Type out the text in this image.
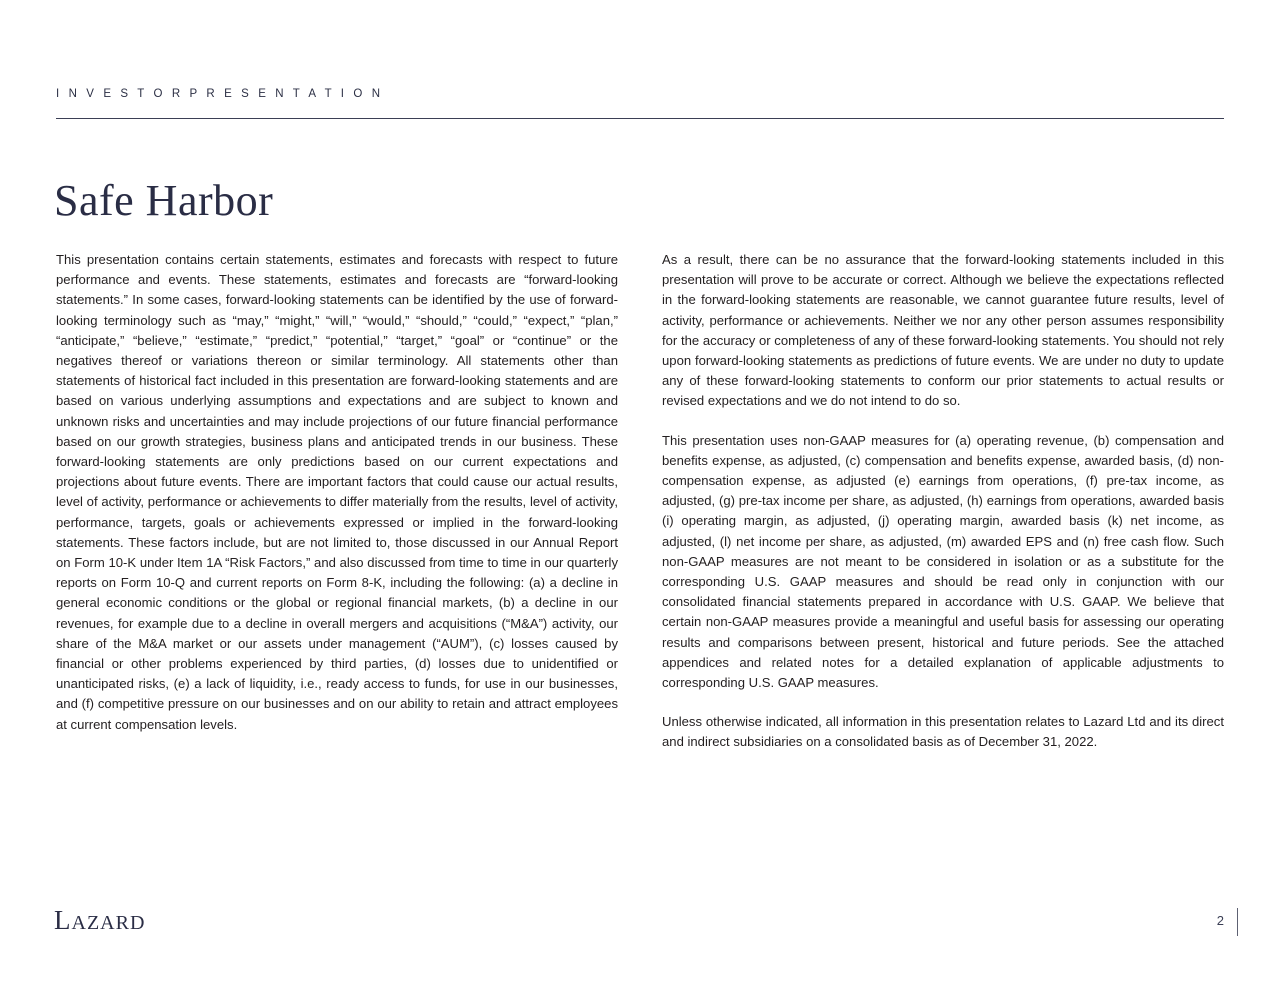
I N V E S T O R P R E S E N T A T I O N
Safe Harbor

This presentation contains certain statements, estimates and forecasts with respect to future performance and events. These statements, estimates and forecasts are “forward-looking statements.” In some cases, forward-looking statements can be identified by the use of forward-looking terminology such as “may,” “might,” “will,” “would,” “should,” “could,” “expect,” “plan,” “anticipate,” “believe,” “estimate,” “predict,” “potential,” “target,” “goal” or “continue” or the negatives thereof or variations thereon or similar terminology. All statements other than statements of historical fact included in this presentation are forward-looking statements and are based on various underlying assumptions and expectations and are subject to known and unknown risks and uncertainties and may include projections of our future financial performance based on our growth strategies, business plans and anticipated trends in our business. These forward-looking statements are only predictions based on our current expectations and projections about future events. There are important factors that could cause our actual results, level of activity, performance or achievements to differ materially from the results, level of activity, performance, targets, goals or achievements expressed or implied in the forward-looking statements. These factors include, but are not limited to, those discussed in our Annual Report on Form 10-K under Item 1A “Risk Factors,” and also discussed from time to time in our quarterly reports on Form 10-Q and current reports on Form 8-K, including the following: (a) a decline in general economic conditions or the global or regional financial markets, (b) a decline in our revenues, for example due to a decline in overall mergers and acquisitions (“M&A”) activity, our share of the M&A market or our assets under management (“AUM”), (c) losses caused by financial or other problems experienced by third parties, (d) losses due to unidentified or unanticipated risks, (e) a lack of liquidity, i.e., ready access to funds, for use in our businesses, and (f) competitive pressure on our businesses and on our ability to retain and attract employees at current compensation levels.

As a result, there can be no assurance that the forward-looking statements included in this presentation will prove to be accurate or correct. Although we believe the expectations reflected in the forward-looking statements are reasonable, we cannot guarantee future results, level of activity, performance or achievements. Neither we nor any other person assumes responsibility for the accuracy or completeness of any of these forward-looking statements. You should not rely upon forward-looking statements as predictions of future events. We are under no duty to update any of these forward-looking statements to conform our prior statements to actual results or revised expectations and we do not intend to do so.

This presentation uses non-GAAP measures for (a) operating revenue, (b) compensation and benefits expense, as adjusted, (c) compensation and benefits expense, awarded basis, (d) non-compensation expense, as adjusted (e) earnings from operations, (f) pre-tax income, as adjusted, (g) pre-tax income per share, as adjusted, (h) earnings from operations, awarded basis (i) operating margin, as adjusted, (j) operating margin, awarded basis (k) net income, as adjusted, (l) net income per share, as adjusted, (m) awarded EPS and (n) free cash flow. Such non-GAAP measures are not meant to be considered in isolation or as a substitute for the corresponding U.S. GAAP measures and should be read only in conjunction with our consolidated financial statements prepared in accordance with U.S. GAAP. We believe that certain non-GAAP measures provide a meaningful and useful basis for assessing our operating results and comparisons between present, historical and future periods. See the attached appendices and related notes for a detailed explanation of applicable adjustments to corresponding U.S. GAAP measures.

Unless otherwise indicated, all information in this presentation relates to Lazard Ltd and its direct and indirect subsidiaries on a consolidated basis as of December 31, 2022.

LAZARD	2
